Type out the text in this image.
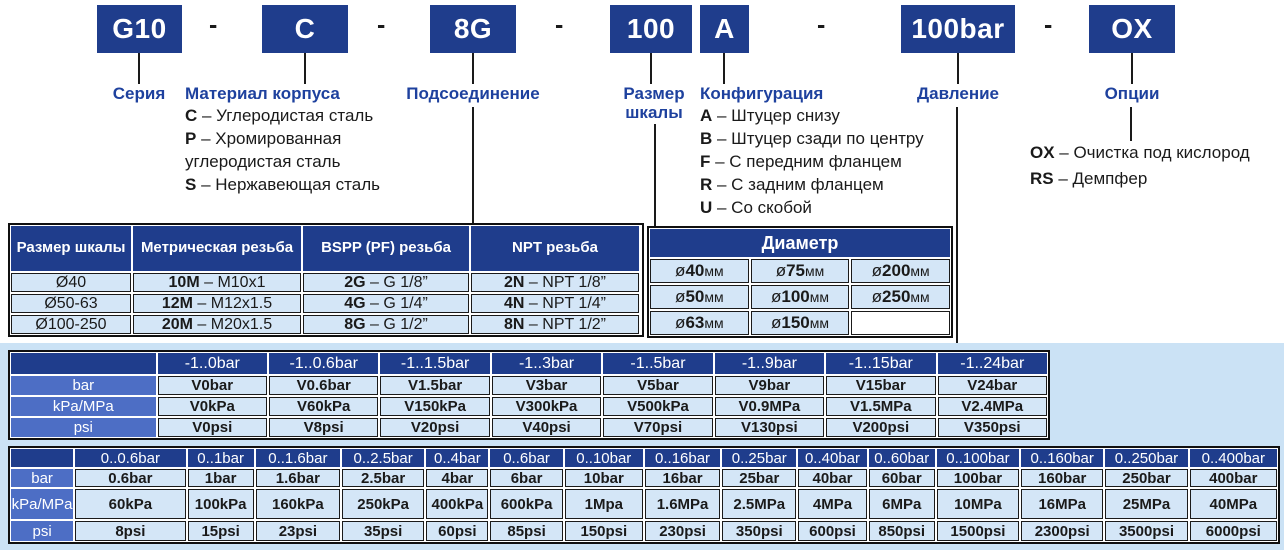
G10	C	8G	100	A	100bar	OX
-	-	-	-	-
Серия	Подсоединение	Размер шкалы
Давление	Опции
Материал корпуса
C – Углеродистая сталь
P – Хромированная углеродистая сталь
S – Нержавеющая сталь
Конфигурация
A – Штуцер снизу
B – Штуцер сзади по центру
F – С передним фланцем
R – С задним фланцем
U – Со скобой
OX – Очистка под кислород
RS – Демпфер
Размер шкалы	Метрическая резьба	BSPP (PF) резьба	NPT резьба
Ø40	10M – M10x1	2G – G 1/8”	2N – NPT 1/8”
Ø50-63	12M – M12x1.5	4G – G 1/4”	4N – NPT 1/4”
Ø100-250	20M – M20x1.5	8G – G 1/2”	8N – NPT 1/2”
Диаметр		
ø40мм	ø75мм	ø200мм
ø50мм	ø100мм	ø250мм
ø63мм	ø150мм	
	-1..0bar	-1..0.6bar	-1..1.5bar	-1..3bar	-1..5bar	-1..9bar	-1..15bar	-1..24bar
bar	V0bar	V0.6bar	V1.5bar	V3bar	V5bar	V9bar	V15bar	V24bar
kPa/MPa	V0kPa	V60kPa	V150kPa	V300kPa	V500kPa	V0.9MPa	V1.5MPa	V2.4MPa
psi	V0psi	V8psi	V20psi	V40psi	V70psi	V130psi	V200psi	V350psi
	0..0.6bar	0..1bar	0..1.6bar	0..2.5bar	0..4bar	0..6bar	0..10bar	0..16bar	0..25bar	0..40bar	0..60bar	0..100bar	0..160bar	0..250bar	0..400bar
bar	0.6bar	1bar	1.6bar	2.5bar	4bar	6bar	10bar	16bar	25bar	40bar	60bar	100bar	160bar	250bar	400bar
kPa/MPa	60kPa	100kPa	160kPa	250kPa	400kPa	600kPa	1Mpa	1.6MPa	2.5MPa	4MPa	6MPa	10MPa	16MPa	25MPa	40MPa
psi	8psi	15psi	23psi	35psi	60psi	85psi	150psi	230psi	350psi	600psi	850psi	1500psi	2300psi	3500psi	6000psi
